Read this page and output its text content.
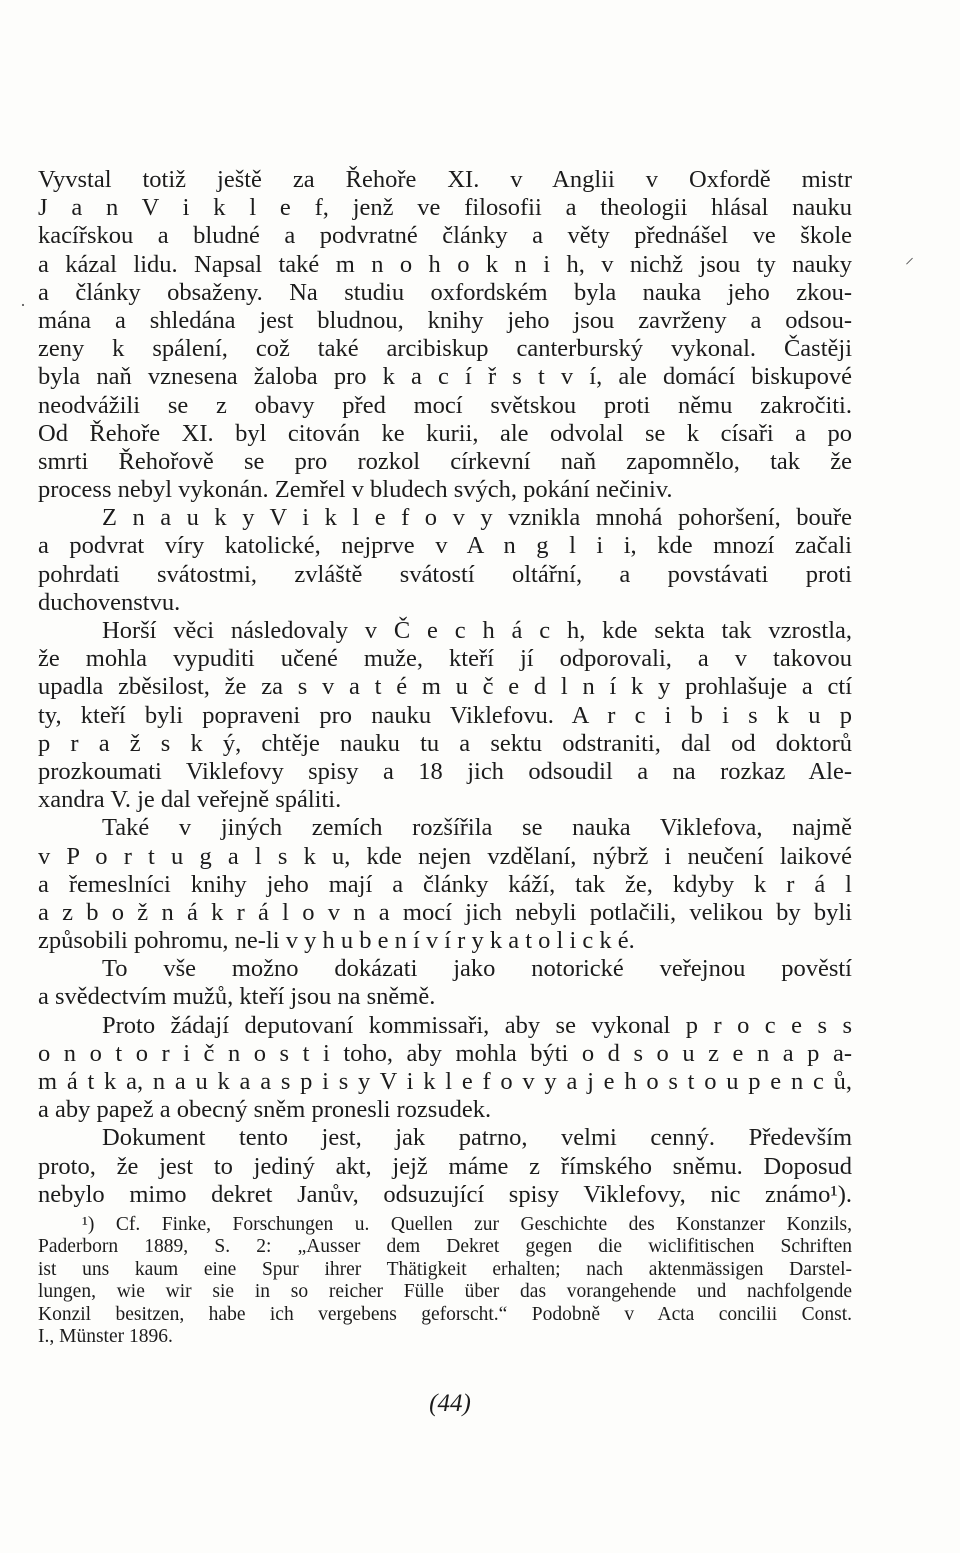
Vyvstal totiž ještě za Řehoře XI. v Anglii v Oxfordě mistr
J a n V i k l e f, jenž ve filosofii a theologii hlásal nauku
kacířskou a bludné a podvratné články a věty přednášel ve škole
a kázal lidu. Napsal také m n o h o k n i h, v nichž jsou ty nauky
a články obsaženy. Na studiu oxfordském byla nauka jeho zkou-
mána a shledána jest bludnou, knihy jeho jsou zavrženy a odsou-
zeny k spálení, což také arcibiskup canterburský vykonal. Častěji
byla naň vznesena žaloba pro k a c í ř s t v í, ale domácí biskupové
neodvážili se z obavy před mocí světskou proti němu zakročiti.
Od Řehoře XI. byl citován ke kurii, ale odvolal se k císaři a po
smrti Řehořově se pro rozkol církevní naň zapomnělo, tak že
process nebyl vykonán. Zemřel v bludech svých, pokání nečiniv.
Z n a u k y V i k l e f o v y vznikla mnohá pohoršení, bouře
a podvrat víry katolické, nejprve v A n g l i i, kde mnozí začali
pohrdati svátostmi, zvláště svátostí oltářní, a povstávati proti
duchovenstvu.
Horší věci následovaly v Č e c h á c h, kde sekta tak vzrostla,
že mohla vypuditi učené muže, kteří jí odporovali, a v takovou
upadla zběsilost, že za s v a t é m u č e d l n í k y prohlašuje a ctí
ty, kteří byli popraveni pro nauku Viklefovu. A r c i b i s k u p
p r a ž s k ý, chtěje nauku tu a sektu odstraniti, dal od doktorů
prozkoumati Viklefovy spisy a 18 jich odsoudil a na rozkaz Ale-
xandra V. je dal veřejně spáliti.
Také v jiných zemích rozšířila se nauka Viklefova, najmě
v P o r t u g a l s k u, kde nejen vzdělaní, nýbrž i neučení laikové
a řemeslníci knihy jeho mají a články káží, tak že, kdyby k r á l
a z b o ž n á k r á l o v n a mocí jich nebyli potlačili, velikou by byli
způsobili pohromu, ne-li v y h u b e n í v í r y k a t o l i c k é.
To vše možno dokázati jako notorické veřejnou pověstí
a svědectvím mužů, kteří jsou na sněmě.
Proto žádají deputovaní kommissaři, aby se vykonal p r o c e s s
o n o t o r i č n o s t i toho, aby mohla býti o d s o u z e n a p a-
m á t k a, n a u k a a s p i s y V i k l e f o v y a j e h o s t o u p e n c ů,
a aby papež a obecný sněm pronesli rozsudek.
Dokument tento jest, jak patrno, velmi cenný. Především
proto, že jest to jediný akt, jejž máme z římského sněmu. Doposud
nebylo mimo dekret Janův, odsuzující spisy Viklefovy, nic známo¹).
¹) Cf. Finke, Forschungen u. Quellen zur Geschichte des Konstanzer Konzils,
Paderborn 1889, S. 2: „Ausser dem Dekret gegen die wiclifitischen Schriften
ist uns kaum eine Spur ihrer Thätigkeit erhalten; nach aktenmässigen Darstel-
lungen, wie wir sie in so reicher Fülle über das vorangehende und nachfolgende
Konzil besitzen, habe ich vergebens geforscht.“ Podobně v Acta concilii Const.
I., Münster 1896.
(44)
⸝
·
